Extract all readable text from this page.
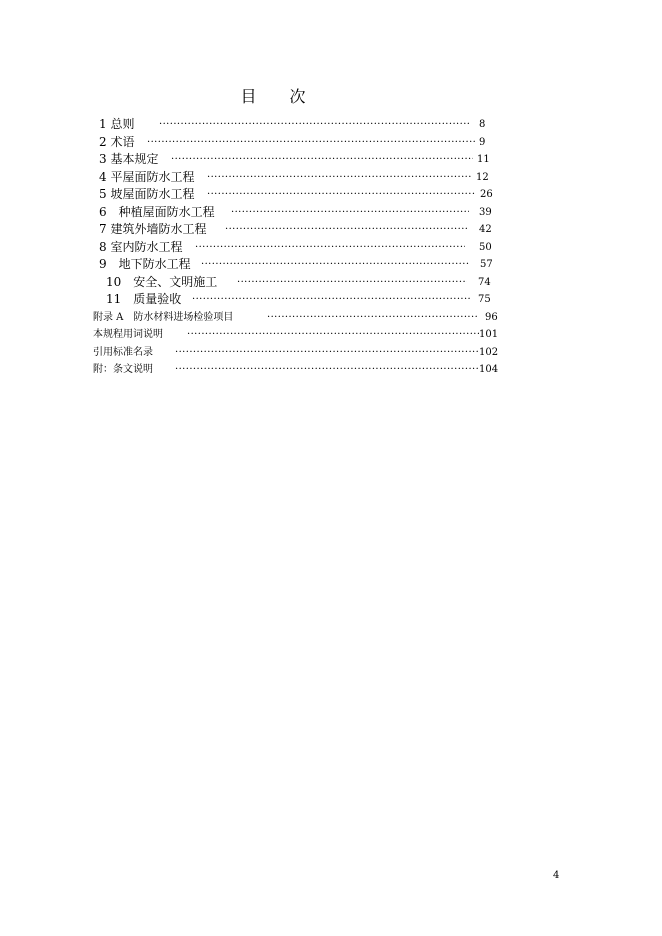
目 次
·····
1 总则	8
·····
2 术语	9
·····
3 基本规定	11
·····
4 平屋面防水工程	12
·····
5 坡屋面防水工程	26
·····
6　种植屋面防水工程	39
·····
7 建筑外墙防水工程	42
·····
8 室内防水工程	50
·····
9　地下防水工程	57
·····
10　安全、文明施工	74
·····
11　质量验收	75
·····
附录 A　防水材料进场检验项目	96
·····
本规程用词说明	101
·····
引用标准名录	102
·····
附：条文说明	104
4
